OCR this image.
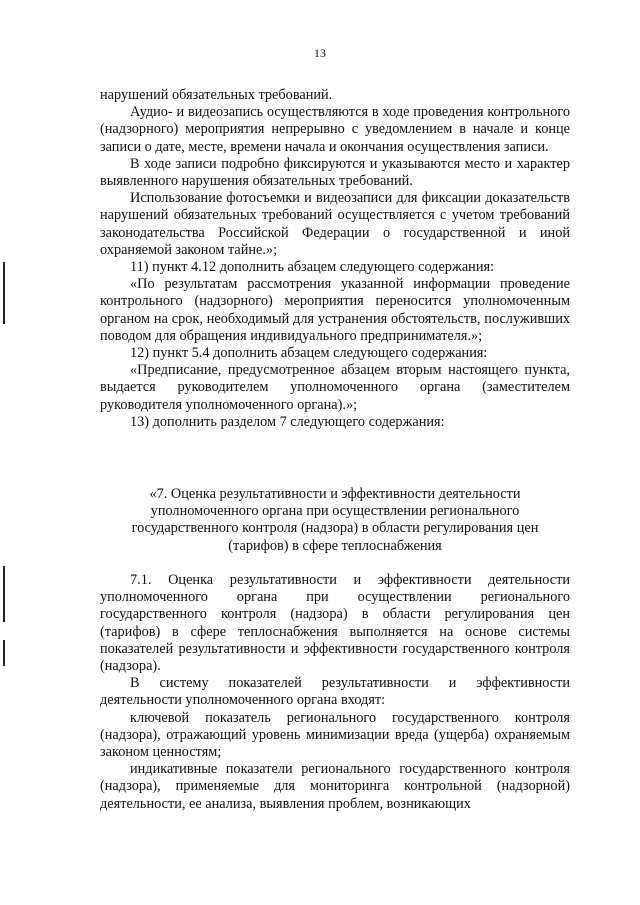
13

нарушений обязательных требований.

Аудио- и видеозапись осуществляются в ходе проведения контрольного (надзорного) мероприятия непрерывно с уведомлением в начале и конце записи о дате, месте, времени начала и окончания осуществления записи.

В ходе записи подробно фиксируются и указываются место и характер выявленного нарушения обязательных требований.

Использование фотосъемки и видеозаписи для фиксации доказательств нарушений обязательных требований осуществляется с учетом требований законодательства Российской Федерации о государственной и иной охраняемой законом тайне.»;

11) пункт 4.12 дополнить абзацем следующего содержания:

«По результатам рассмотрения указанной информации проведение контрольного (надзорного) мероприятия переносится уполномоченным органом на срок, необходимый для устранения обстоятельств, послуживших поводом для обращения индивидуального предпринимателя.»;

12) пункт 5.4 дополнить абзацем следующего содержания:

«Предписание, предусмотренное абзацем вторым настоящего пункта, выдается руководителем уполномоченного органа (заместителем руководителя уполномоченного органа).»;

13) дополнить разделом 7 следующего содержания:

«7. Оценка результативности и эффективности деятельности уполномоченного органа при осуществлении регионального государственного контроля (надзора) в области регулирования цен (тарифов) в сфере теплоснабжения

7.1. Оценка результативности и эффективности деятельности уполномоченного органа при осуществлении регионального государственного контроля (надзора) в области регулирования цен (тарифов) в сфере теплоснабжения выполняется на основе системы показателей результативности и эффективности государственного контроля (надзора).

В систему показателей результативности и эффективности деятельности уполномоченного органа входят:

ключевой показатель регионального государственного контроля (надзора), отражающий уровень минимизации вреда (ущерба) охраняемым законом ценностям;

индикативные показатели регионального государственного контроля (надзора), применяемые для мониторинга контрольной (надзорной) деятельности, ее анализа, выявления проблем, возникающих
